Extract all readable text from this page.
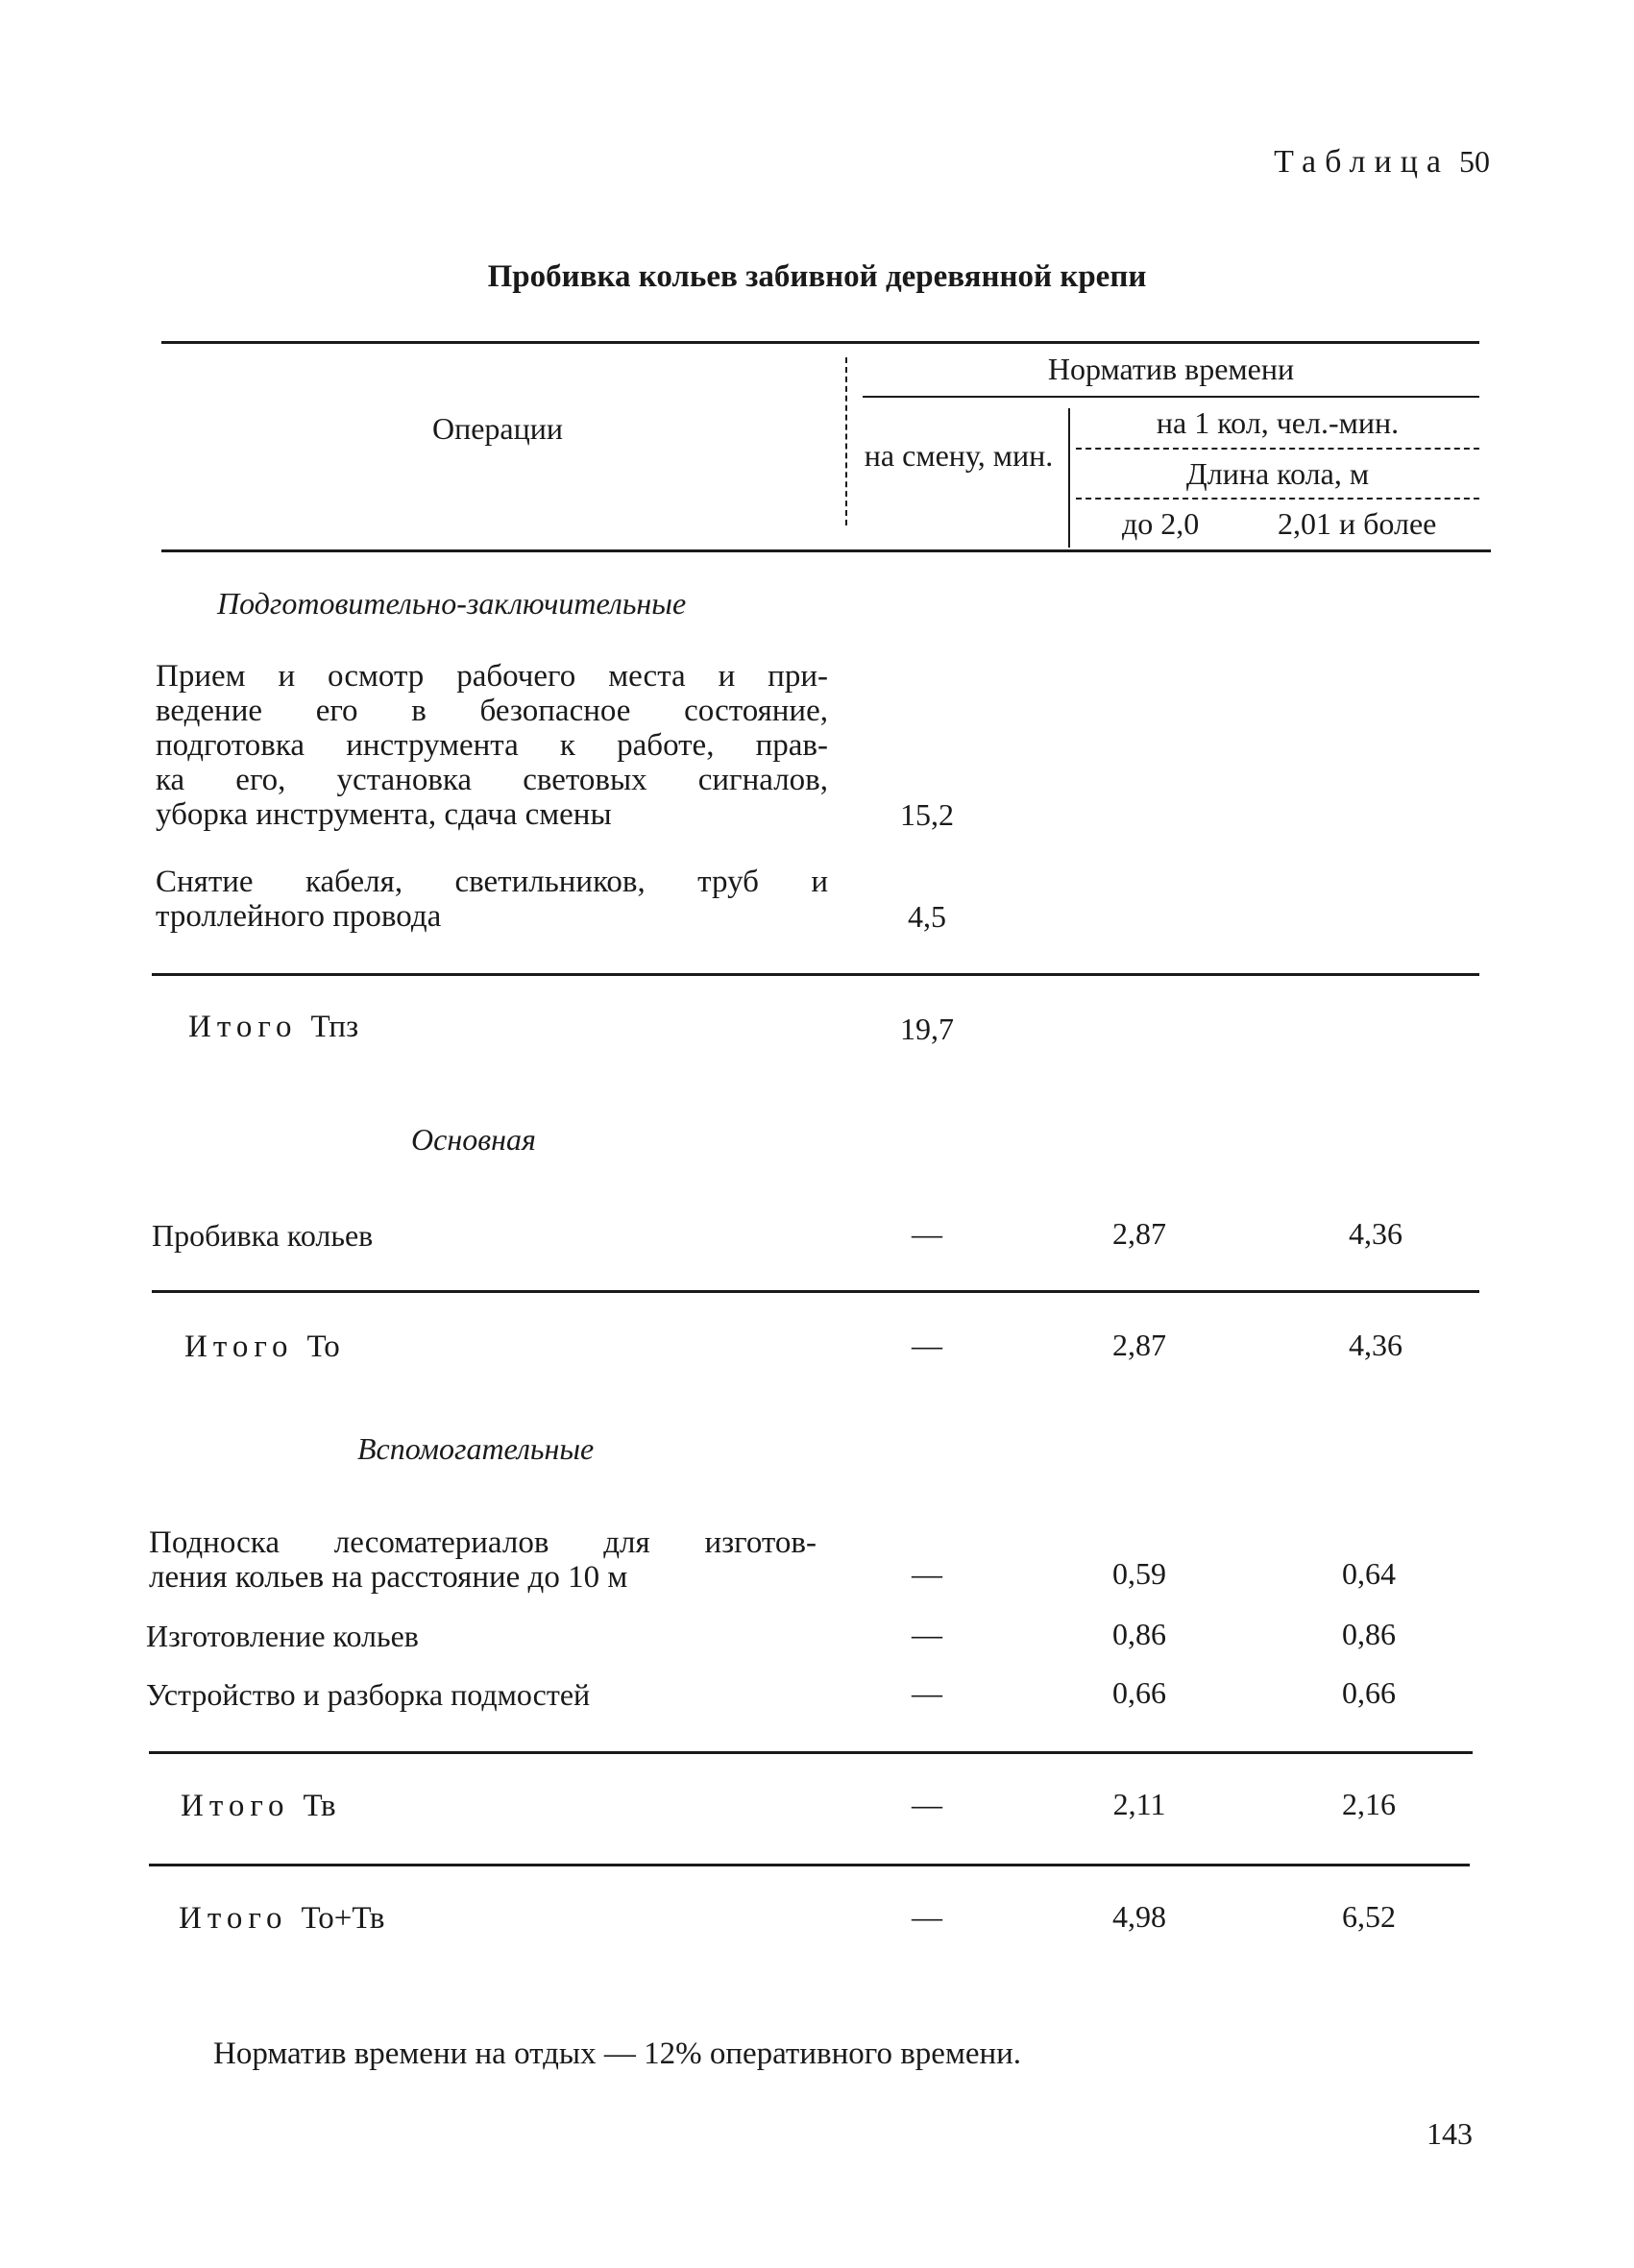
Таблица 50
Пробивка кольев забивной деревянной крепи
Операции
Норматив времени
на смену, мин.
на 1 кол, чел.-мин.
Длина кола, м
до 2,0	2,01 и более
Подготовительно-заключительные
Прием и осмотр рабочего места и при-
ведение его в безопасное состояние,
подготовка инструмента к работе, прав-
ка его, установка световых сигналов,

уборка инструмента, сдача смены	15,2
Снятие кабеля, светильников, труб и

троллейного провода	4,5
Итого Тпз	19,7
Основная
Пробивка кольев	—	2,87	4,36
Итого То	—	2,87	4,36
Вспомогательные
Подноска лесоматериалов для изготов-

ления кольев на расстояние до 10 м	—	0,59	0,64
Изготовление кольев	—	0,86	0,86
Устройство и разборка подмостей	—	0,66	0,66
Итого Тв	—	2,11	2,16
Итого То+Тв	—	4,98	6,52
Норматив времени на отдых — 12% оперативного времени.
143
